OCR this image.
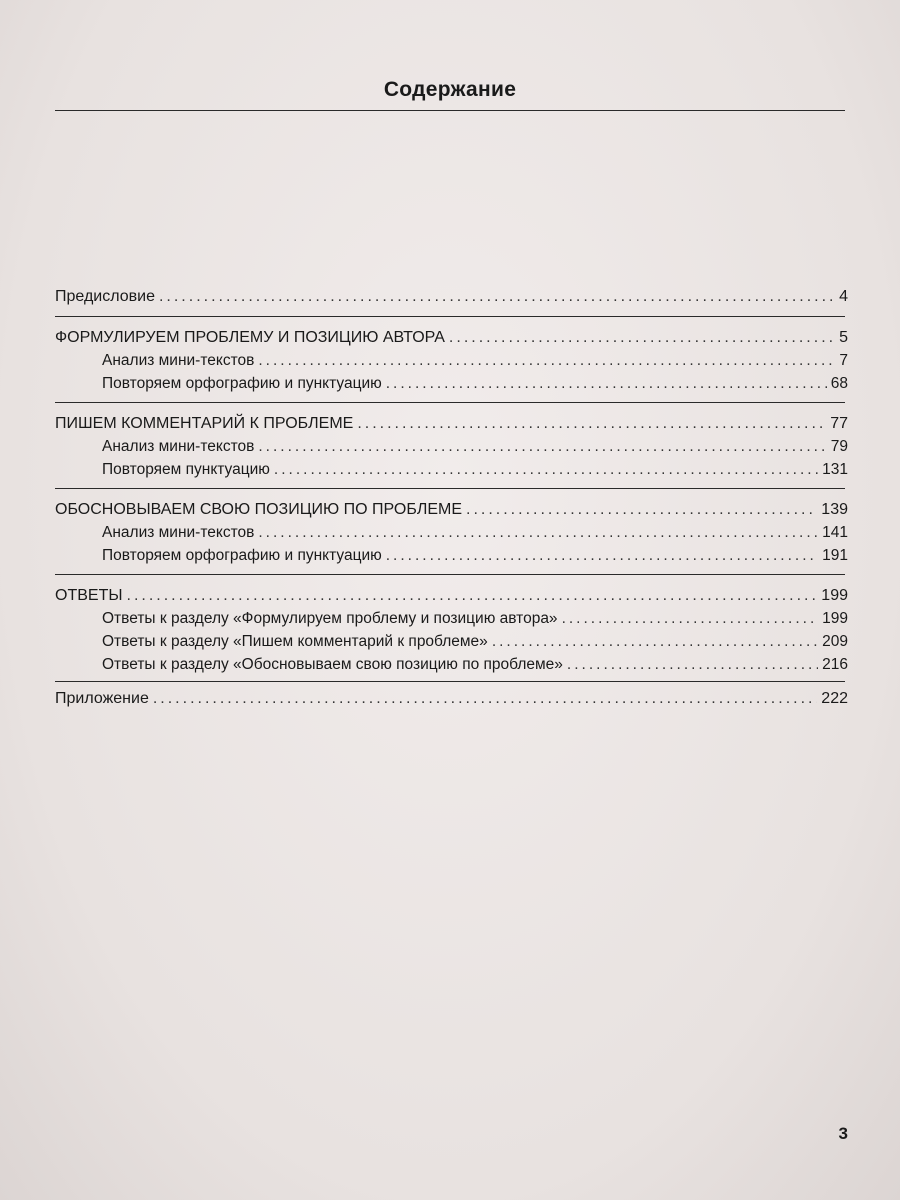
Содержание
Предисловие .....	4
ФОРМУЛИРУЕМ ПРОБЛЕМУ И ПОЗИЦИЮ АВТОРА .....	5
Анализ мини-текстов .....	7
Повторяем орфографию и пунктуацию .....	68
ПИШЕМ КОММЕНТАРИЙ К ПРОБЛЕМЕ .....	77
Анализ мини-текстов .....	79
Повторяем пунктуацию .....	131
ОБОСНОВЫВАЕМ СВОЮ ПОЗИЦИЮ ПО ПРОБЛЕМЕ .....	139
Анализ мини-текстов .....	141
Повторяем орфографию и пунктуацию .....	191
ОТВЕТЫ .....	199
Ответы к разделу «Формулируем проблему и позицию автора» .....	199
Ответы к разделу «Пишем комментарий к проблеме» .....	209
Ответы к разделу «Обосновываем свою позицию по проблеме» .....	216
Приложение .....	222
3
